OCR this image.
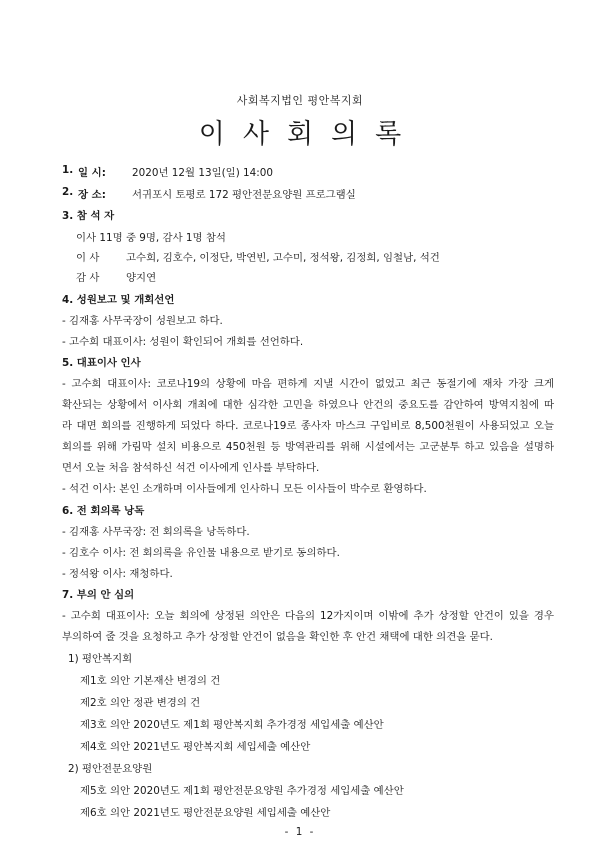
사회복지법인 평안복지회
이사회의록
1. 일 시:	2020년 12월 13일(일) 14:00
2. 장 소:	서귀포시 토평로 172 평안전문요양원 프로그램실
3. 참 석 자
이사 11명 중 9명, 감사 1명 참석
이 사	고수희, 김호수, 이정단, 박연빈, 고수미, 정석왕, 김정희, 임철남, 석건
감 사	양지연
4. 성원보고 및 개회선언
- 김재홍 사무국장이 성원보고 하다.
- 고수희 대표이사: 성원이 확인되어 개회를 선언하다.
5. 대표이사 인사
- 고수희 대표이사: 코로나19의 상황에 마음 편하게 지낼 시간이 없었고 최근 동절기에 재차 가장 크게
확산되는 상황에서 이사회 개최에 대한 심각한 고민을 하였으나 안건의 중요도를 감안하여 방역지침에 따
라 대면 회의를 진행하게 되었다 하다. 코로나19로 종사자 마스크 구입비로 8,500천원이 사용되었고 오늘
회의를 위해 가림막 설치 비용으로 450천원 등 방역관리를 위해 시설에서는 고군분투 하고 있음을 설명하
면서 오늘 처음 참석하신 석건 이사에게 인사를 부탁하다.
- 석건 이사: 본인 소개하며 이사들에게 인사하니 모든 이사들이 박수로 환영하다.
6. 전 회의록 낭독
- 김재홍 사무국장: 전 회의록을 낭독하다.
- 김호수 이사: 전 회의록을 유인물 내용으로 받기로 동의하다.
- 정석왕 이사: 재청하다.
7. 부의 안 심의
- 고수희 대표이사: 오늘 회의에 상정된 의안은 다음의 12가지이며 이밖에 추가 상정할 안건이 있을 경우
부의하여 줄 것을 요청하고 추가 상정할 안건이 없음을 확인한 후 안건 채택에 대한 의견을 묻다.
1) 평안복지회
제1호 의안 기본재산 변경의 건
제2호 의안 정관 변경의 건
제3호 의안 2020년도 제1회 평안복지회 추가경정 세입세출 예산안
제4호 의안 2021년도 평안복지회 세입세출 예산안
2) 평안전문요양원
제5호 의안 2020년도 제1회 평안전문요양원 추가경정 세입세출 예산안
제6호 의안 2021년도 평안전문요양원 세입세출 예산안
- 1 -
